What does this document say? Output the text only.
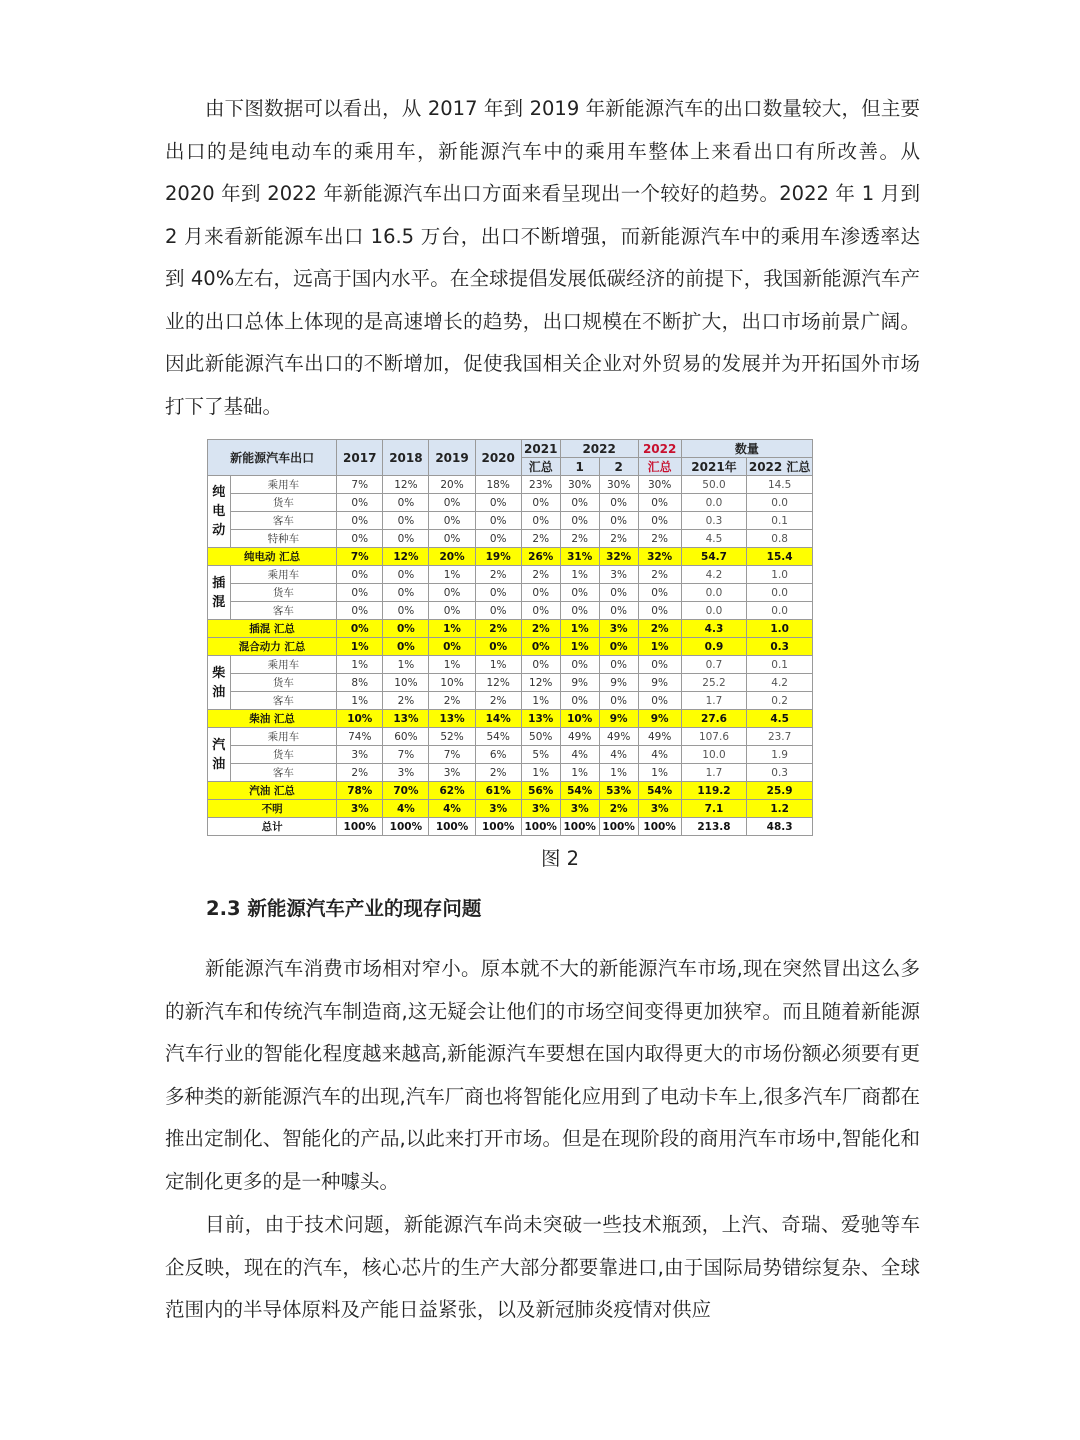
由下图数据可以看出，从 2017 年到 2019 年新能源汽车的出口数量较大，但主要出口的是纯电动车的乘用车，新能源汽车中的乘用车整体上来看出口有所改善。从 2020 年到 2022 年新能源汽车出口方面来看呈现出一个较好的趋势。2022 年 1 月到 2 月来看新能源车出口 16.5 万台，出口不断增强，而新能源汽车中的乘用车渗透率达到 40%左右，远高于国内水平。在全球提倡发展低碳经济的前提下，我国新能源汽车产业的出口总体上体现的是高速增长的趋势，出口规模在不断扩大，出口市场前景广阔。因此新能源汽车出口的不断增加，促使我国相关企业对外贸易的发展并为开拓国外市场打下了基础。

新能源汽车出口		2017	2018	2019	2020	2021	2022		2022	数量	
						汇总	1	2	汇总	2021年	2022 汇总
纯电动	乘用车	7%	12%	20%	18%	23%	30%	30%	30%	50.0	14.5
	货车	0%	0%	0%	0%	0%	0%	0%	0%	0.0	0.0
	客车	0%	0%	0%	0%	0%	0%	0%	0%	0.3	0.1
	特种车	0%	0%	0%	0%	2%	2%	2%	2%	4.5	0.8
纯电动 汇总		7%	12%	20%	19%	26%	31%	32%	32%	54.7	15.4
插混	乘用车	0%	0%	1%	2%	2%	1%	3%	2%	4.2	1.0
	货车	0%	0%	0%	0%	0%	0%	0%	0%	0.0	0.0
	客车	0%	0%	0%	0%	0%	0%	0%	0%	0.0	0.0
插混 汇总		0%	0%	1%	2%	2%	1%	3%	2%	4.3	1.0
混合动力 汇总		1%	0%	0%	0%	0%	1%	0%	1%	0.9	0.3
柴油	乘用车	1%	1%	1%	1%	0%	0%	0%	0%	0.7	0.1
	货车	8%	10%	10%	12%	12%	9%	9%	9%	25.2	4.2
	客车	1%	2%	2%	2%	1%	0%	0%	0%	1.7	0.2
柴油 汇总		10%	13%	13%	14%	13%	10%	9%	9%	27.6	4.5
汽油	乘用车	74%	60%	52%	54%	50%	49%	49%	49%	107.6	23.7
	货车	3%	7%	7%	6%	5%	4%	4%	4%	10.0	1.9
	客车	2%	3%	3%	2%	1%	1%	1%	1%	1.7	0.3
汽油 汇总		78%	70%	62%	61%	56%	54%	53%	54%	119.2	25.9
不明		3%	4%	4%	3%	3%	3%	2%	3%	7.1	1.2
总计		100%	100%	100%	100%	100%	100%	100%	100%	213.8	48.3
图 2
2.3 新能源汽车产业的现存问题

新能源汽车消费市场相对窄小。原本就不大的新能源汽车市场,现在突然冒出这么多的新汽车和传统汽车制造商,这无疑会让他们的市场空间变得更加狭窄。而且随着新能源汽车行业的智能化程度越来越高,新能源汽车要想在国内取得更大的市场份额必须要有更多种类的新能源汽车的出现,汽车厂商也将智能化应用到了电动卡车上,很多汽车厂商都在推出定制化、智能化的产品,以此来打开市场。但是在现阶段的商用汽车市场中,智能化和定制化更多的是一种噱头。

目前，由于技术问题，新能源汽车尚未突破一些技术瓶颈，上汽、奇瑞、爱驰等车企反映，现在的汽车，核心芯片的生产大部分都要靠进口,由于国际局势错综复杂、全球范围内的半导体原料及产能日益紧张，以及新冠肺炎疫情对供应
